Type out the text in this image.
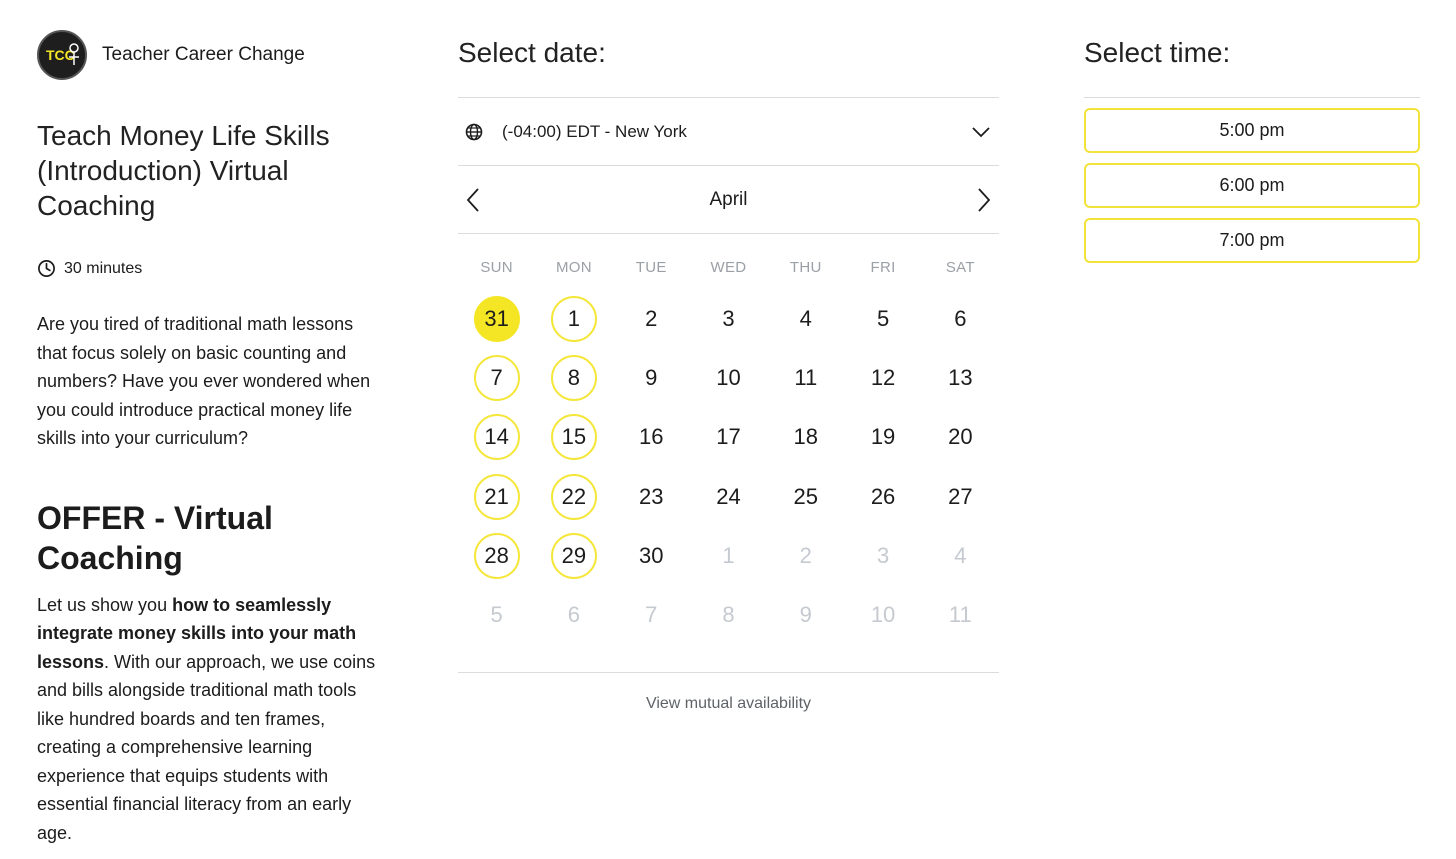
TCC Teacher Career Change
Teach Money Life Skills (Introduction) Virtual Coaching
30 minutes

Are you tired of traditional math lessons that focus solely on basic counting and numbers? Have you ever wondered when you could introduce practical money life skills into your curriculum?

OFFER - Virtual Coaching

Let us show you how to seamlessly integrate money skills into your math lessons. With our approach, we use coins and bills alongside traditional math tools like hundred boards and ten frames, creating a comprehensive learning experience that equips students with essential financial literacy from an early age.

Select date:
(-04:00) EDT - New York
April
SUN	MON	TUE	WED	THU	FRI	SAT
31	1	2	3	4	5	6
7	8	9	10	11	12	13
14	15	16	17	18	19	20
21	22	23	24	25	26	27
28	29	30	1	2	3	4
5	6	7	8	9	10	11
View mutual availability
Select time:
5:00 pm
6:00 pm
7:00 pm
